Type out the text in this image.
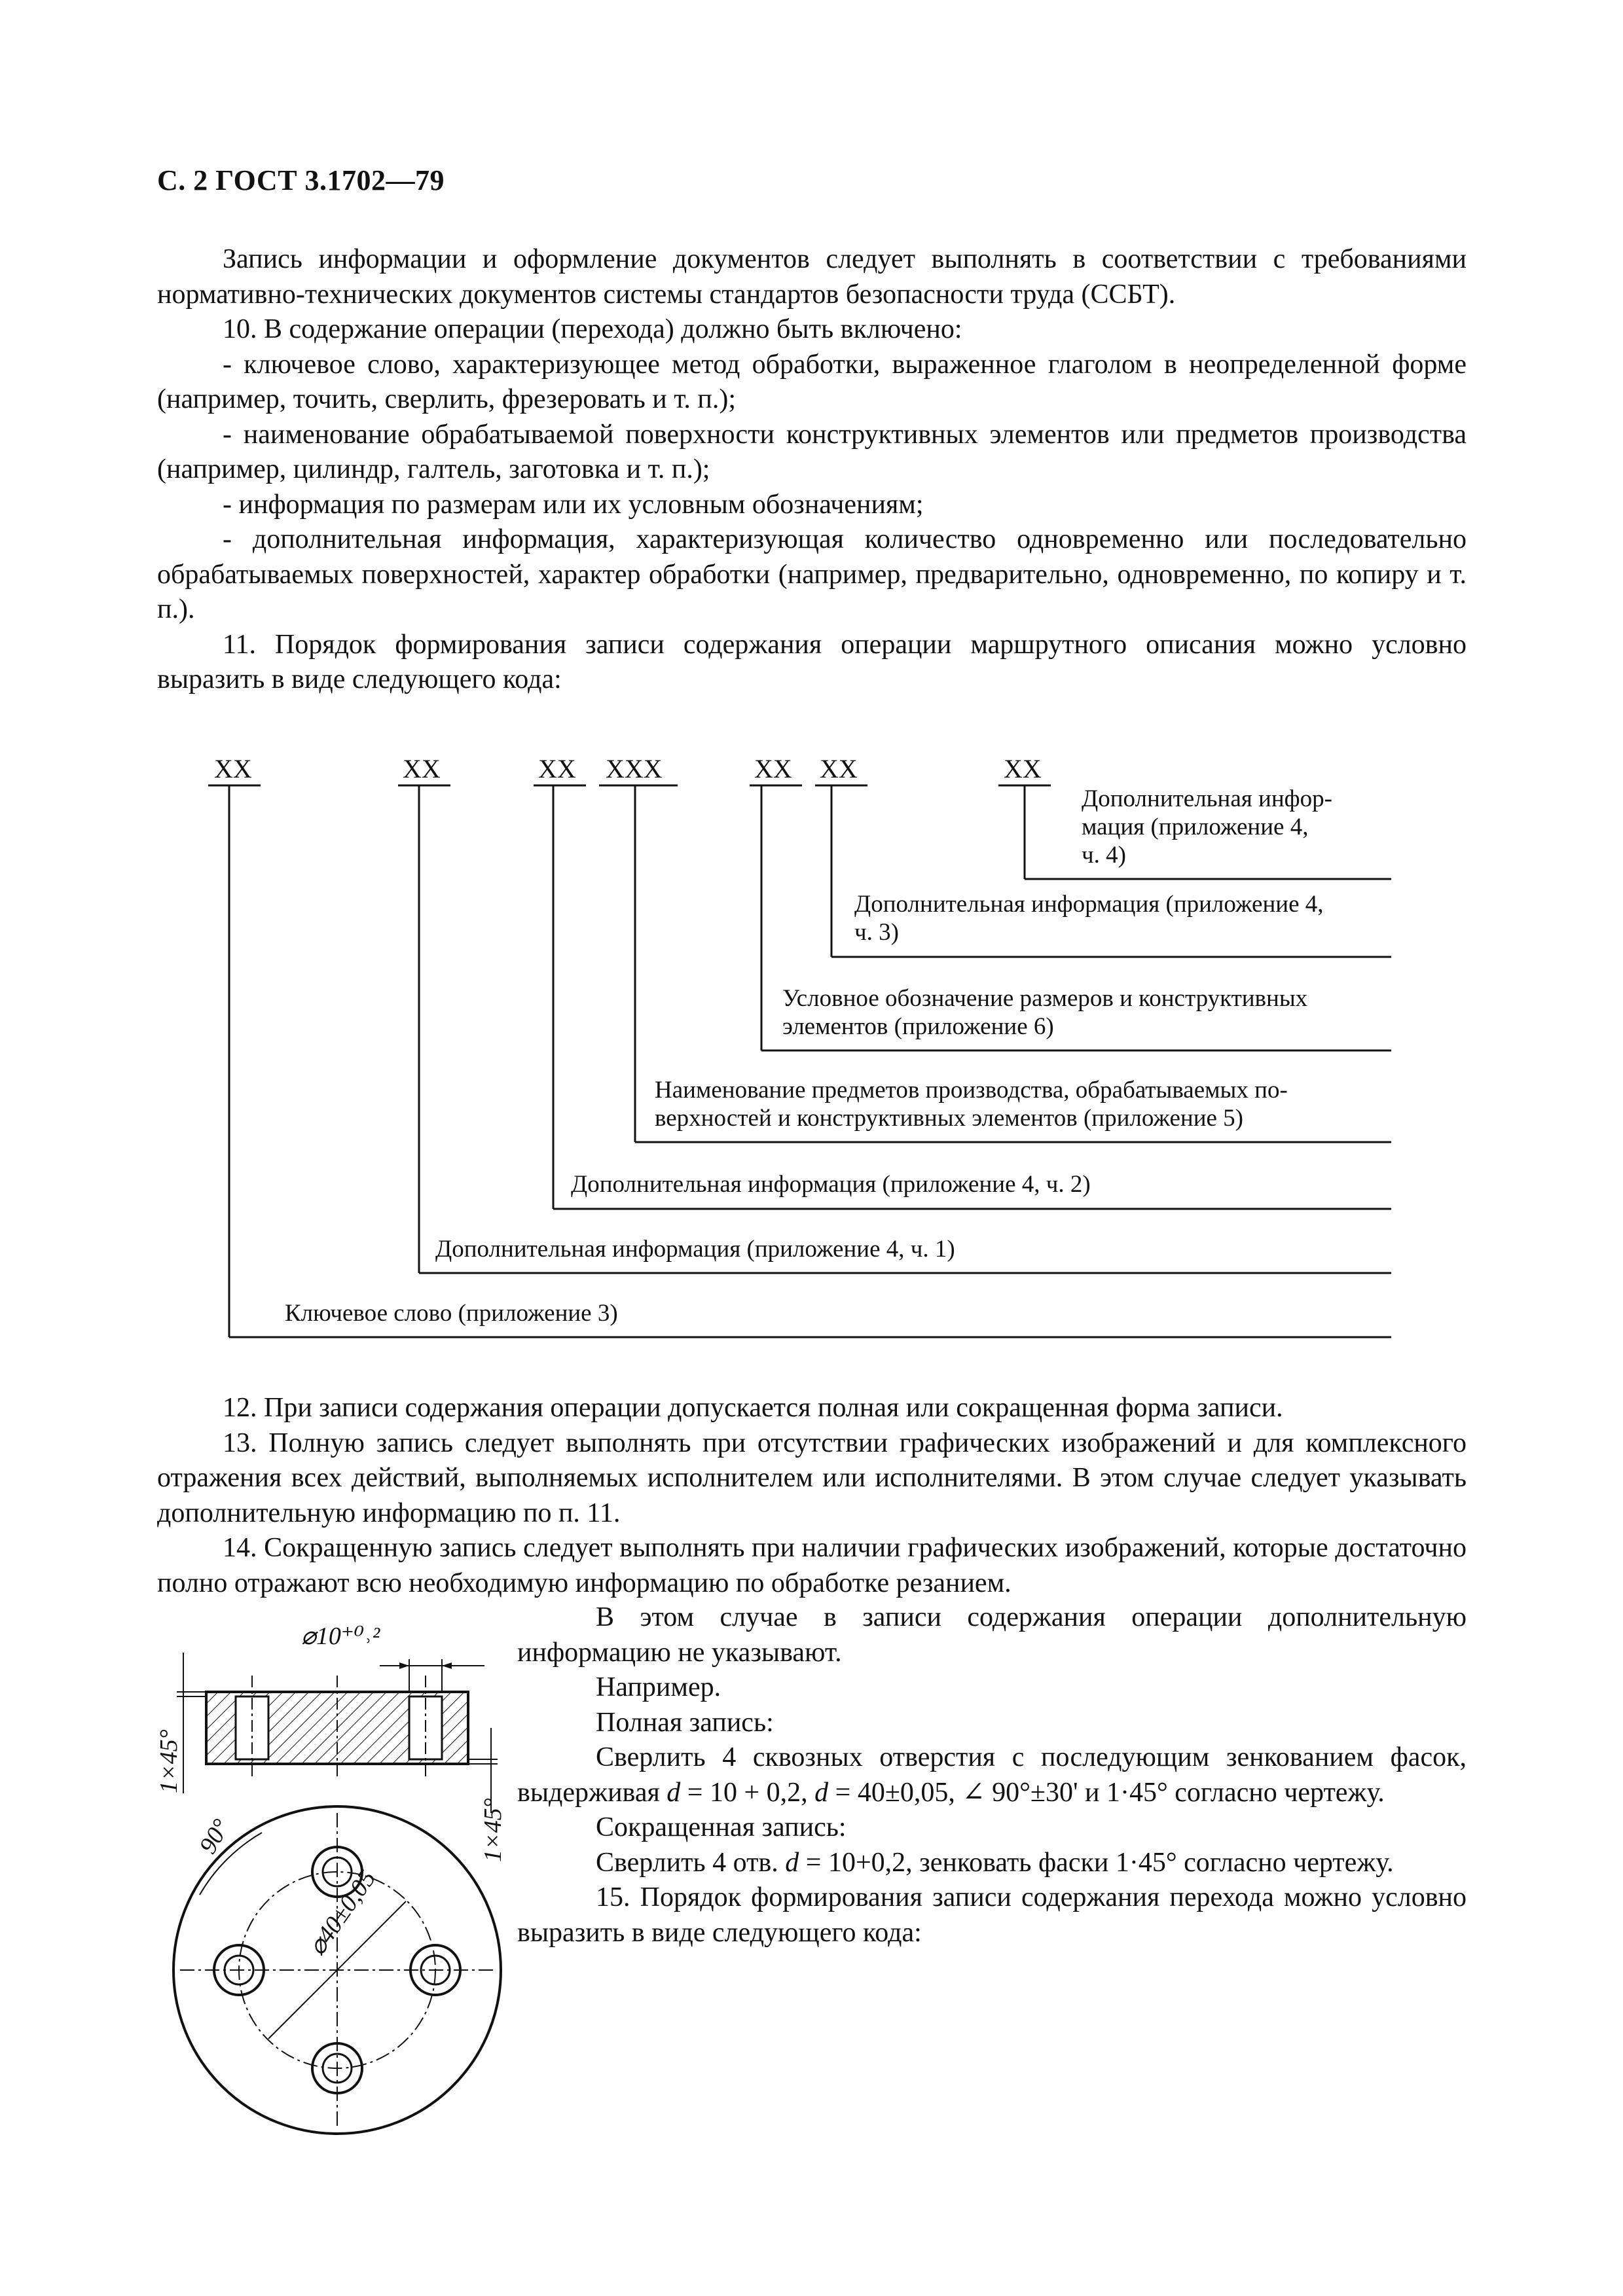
С. 2 ГОСТ 3.1702—79

Запись информации и оформление документов следует выполнять в соответствии с требованиями нормативно-технических документов системы стандартов безопасности труда (ССБТ).

10. В содержание операции (перехода) должно быть включено:

- ключевое слово, характеризующее метод обработки, выраженное глаголом в неопределенной форме (например, точить, сверлить, фрезеровать и т. п.);

- наименование обрабатываемой поверхности конструктивных элементов или предметов производства (например, цилиндр, галтель, заготовка и т. п.);

- информация по размерам или их условным обозначениям;

- дополнительная информация, характеризующая количество одновременно или последовательно обрабатываемых поверхностей, характер обработки (например, предварительно, одновременно, по копиру и т. п.).

11. Порядок формирования записи содержания операции маршрутного описания можно условно выразить в виде следующего кода:

XX	XX	XX XXX	XX XX	XX
Дополнительная инфор-
мация (приложение 4,
ч. 4)
Дополнительная информация (приложение 4,
ч. 3)
Условное обозначение размеров и конструктивных
элементов (приложение 6)
Наименование предметов производства, обрабатываемых по-
верхностей и конструктивных элементов (приложение 5)
Дополнительная информация (приложение 4, ч. 2)
Дополнительная информация (приложение 4, ч. 1)
Ключевое слово (приложение 3)

12. При записи содержания операции допускается полная или сокращенная форма записи.

13. Полную запись следует выполнять при отсутствии графических изображений и для комплексного отражения всех действий, выполняемых исполнителем или исполнителями. В этом случае следует указывать дополнительную информацию по п. 11.

14. Сокращенную запись следует выполнять при наличии графических изображений, которые достаточно полно отражают всю необходимую информацию по обработке резанием.

В этом случае в записи содержания операции дополнительную информацию не указывают.

Например.

Полная запись:

Сверлить 4 сквозных отверстия с последующим зенкованием фасок, выдерживая d = 10 + 0,2, d = 40±0,05, ∠ 90°±30' и 1·45° согласно чертежу.

Сокращенная запись:

Сверлить 4 отв. d = 10+0,2, зенковать фаски 1·45° согласно чертежу.

15. Порядок формирования записи содержания перехода можно условно выразить в виде следующего кода:

⌀10⁺⁰˒²
1×45°
1×45°
90°
⌀40±0,05
